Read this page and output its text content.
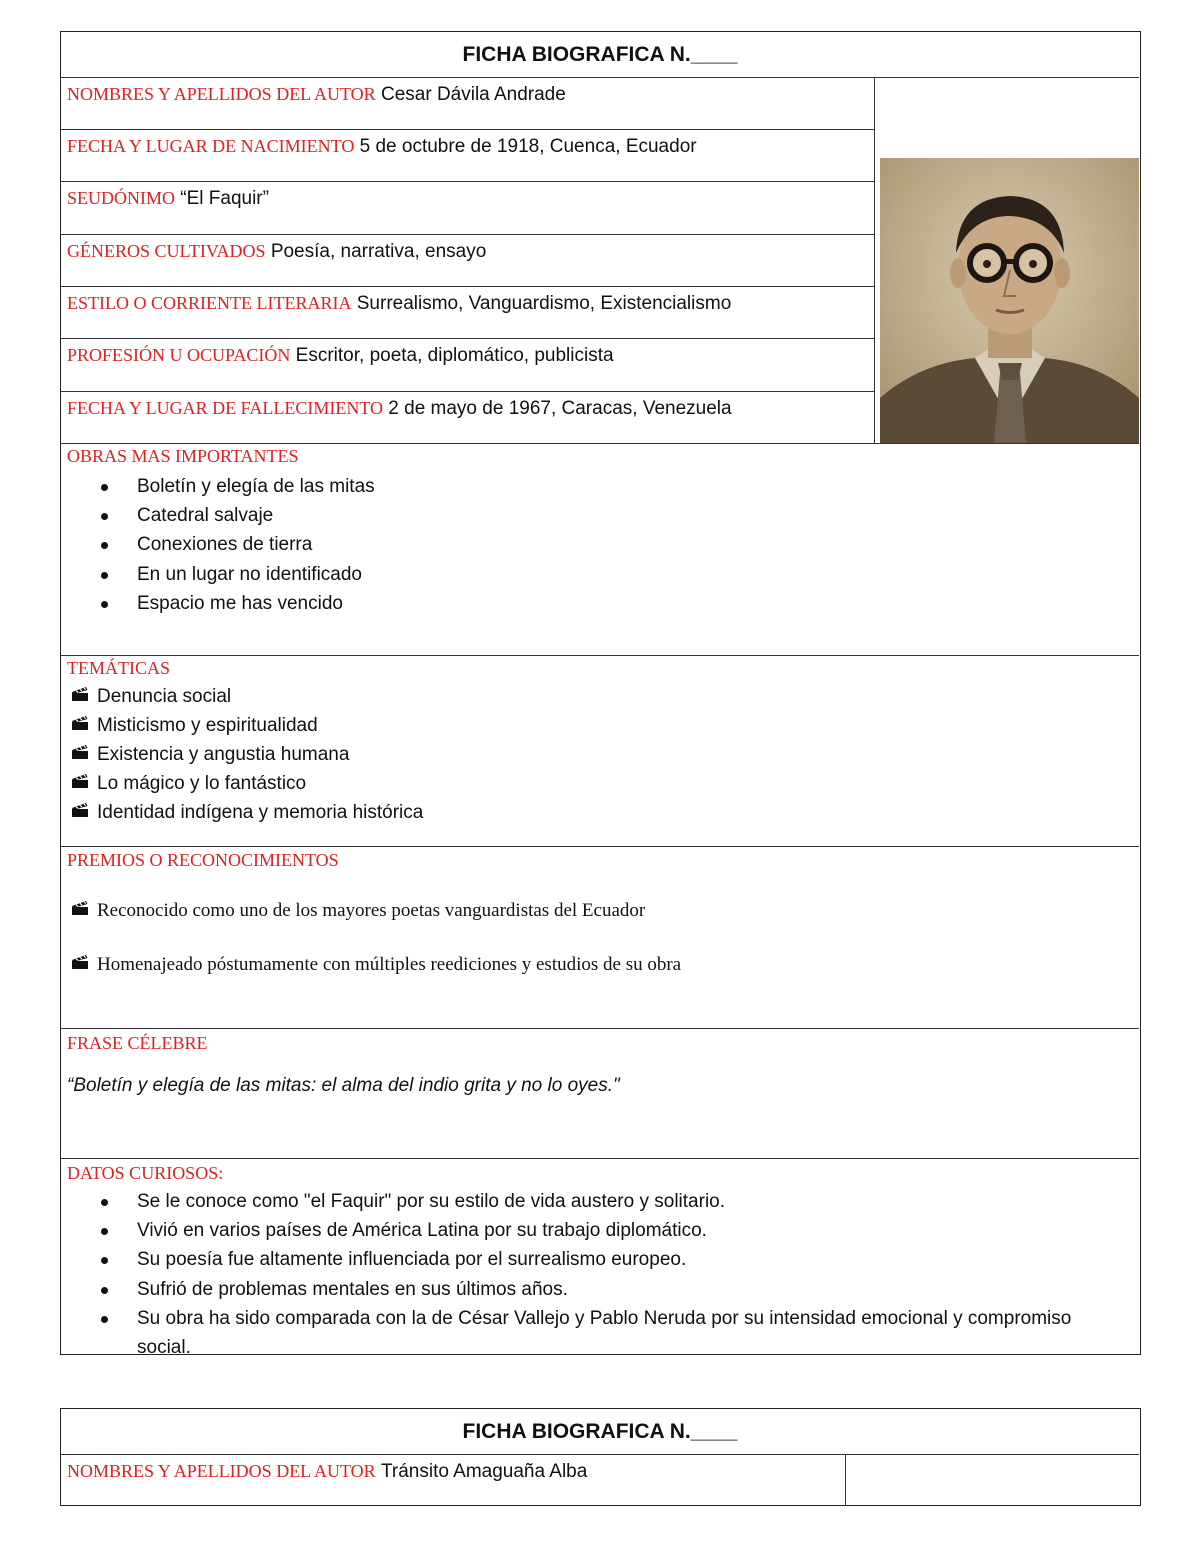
FICHA BIOGRAFICA N.____
NOMBRES Y APELLIDOS DEL AUTOR Cesar Dávila Andrade
FECHA Y LUGAR DE NACIMIENTO 5 de octubre de 1918, Cuenca, Ecuador
SEUDÓNIMO “El Faquir”
GÉNEROS CULTIVADOS Poesía, narrativa, ensayo
ESTILO O CORRIENTE LITERARIA Surrealismo, Vanguardismo, Existencialismo
PROFESIÓN U OCUPACIÓN Escritor, poeta, diplomático, publicista
FECHA Y LUGAR DE FALLECIMIENTO 2 de mayo de 1967, Caracas, Venezuela
OBRAS MAS IMPORTANTES
Boletín y elegía de las mitas
Catedral salvaje
Conexiones de tierra
En un lugar no identificado
Espacio me has vencido
TEMÁTICAS
Denuncia social
Misticismo y espiritualidad
Existencia y angustia humana
Lo mágico y lo fantástico
Identidad indígena y memoria histórica
PREMIOS O RECONOCIMIENTOS
Reconocido como uno de los mayores poetas vanguardistas del Ecuador
Homenajeado póstumamente con múltiples reediciones y estudios de su obra
FRASE CÉLEBRE
“Boletín y elegía de las mitas: el alma del indio grita y no lo oyes."
DATOS CURIOSOS:
Se le conoce como "el Faquir" por su estilo de vida austero y solitario.
Vivió en varios países de América Latina por su trabajo diplomático.
Su poesía fue altamente influenciada por el surrealismo europeo.
Sufrió de problemas mentales en sus últimos años.
Su obra ha sido comparada con la de César Vallejo y Pablo Neruda por su intensidad emocional y compromiso social.
FICHA BIOGRAFICA N.____
NOMBRES Y APELLIDOS DEL AUTOR Tránsito Amaguaña Alba
